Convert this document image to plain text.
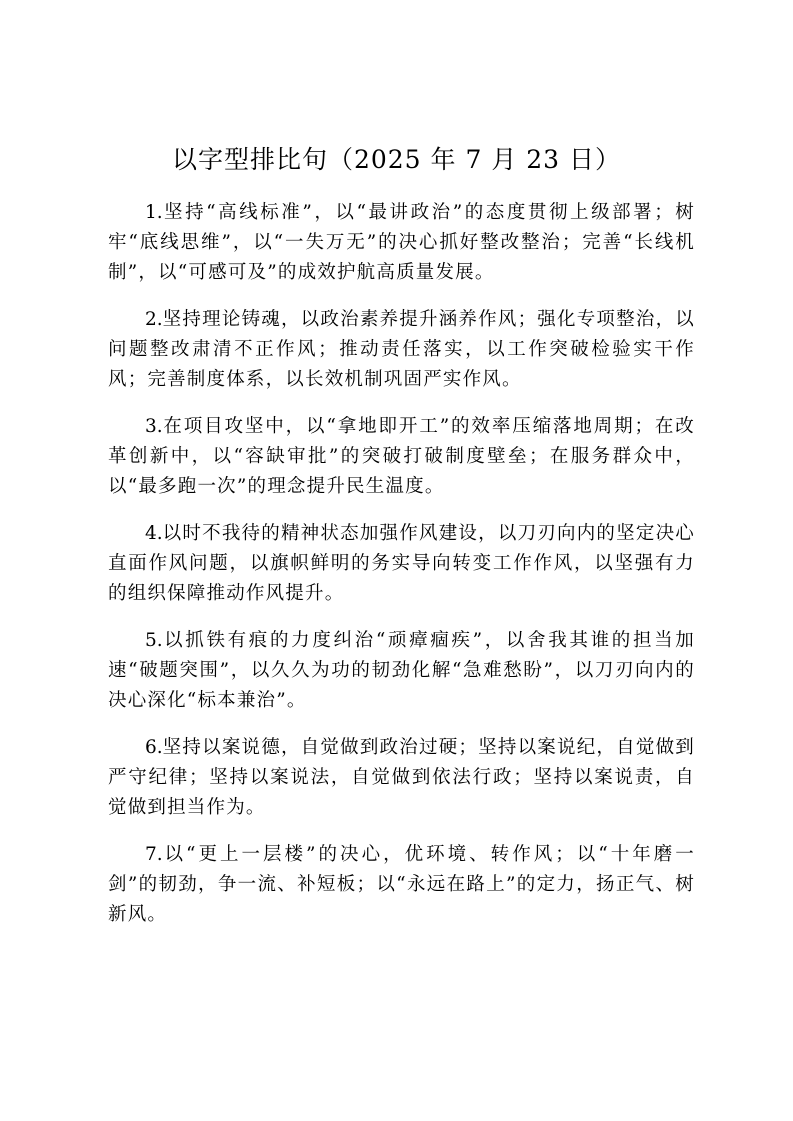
以字型排比句（2025 年 7 月 23 日）

1.坚持“高线标准”，以“最讲政治”的态度贯彻上级部署；树牢“底线思维”，以“一失万无”的决心抓好整改整治；完善“长线机制”，以“可感可及”的成效护航高质量发展。

2.坚持理论铸魂，以政治素养提升涵养作风；强化专项整治，以问题整改肃清不正作风；推动责任落实，以工作突破检验实干作风；完善制度体系，以长效机制巩固严实作风。

3.在项目攻坚中，以“拿地即开工”的效率压缩落地周期；在改革创新中，以“容缺审批”的突破打破制度壁垒；在服务群众中，以“最多跑一次”的理念提升民生温度。

4.以时不我待的精神状态加强作风建设，以刀刃向内的坚定决心直面作风问题，以旗帜鲜明的务实导向转变工作作风，以坚强有力的组织保障推动作风提升。

5.以抓铁有痕的力度纠治“顽瘴痼疾”，以舍我其谁的担当加速“破题突围”，以久久为功的韧劲化解“急难愁盼”，以刀刃向内的决心深化“标本兼治”。

6.坚持以案说德，自觉做到政治过硬；坚持以案说纪，自觉做到严守纪律；坚持以案说法，自觉做到依法行政；坚持以案说责，自觉做到担当作为。

7.以“更上一层楼”的决心，优环境、转作风；以“十年磨一剑”的韧劲，争一流、补短板；以“永远在路上”的定力，扬正气、树新风。
